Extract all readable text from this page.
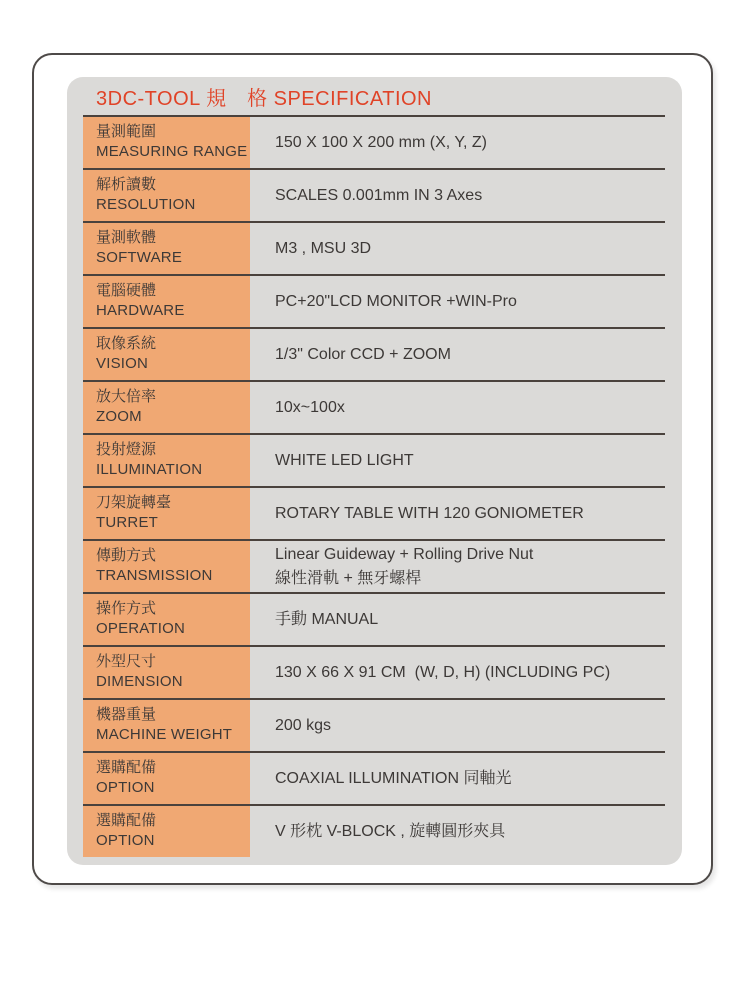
3DC-TOOL 規　格 SPECIFICATION
量測範圍
MEASURING RANGE
150 X 100 X 200 mm (X, Y, Z)
解析讀數
RESOLUTION
SCALES 0.001mm IN 3 Axes
量測軟體
SOFTWARE
M3 , MSU 3D
電腦硬體
HARDWARE
PC+20"LCD MONITOR +WIN-Pro
取像系統
VISION
1/3" Color CCD + ZOOM
放大倍率
ZOOM
10x~100x
投射燈源
ILLUMINATION
WHITE LED LIGHT
刀架旋轉臺
TURRET
ROTARY TABLE WITH 120 GONIOMETER
傳動方式
TRANSMISSION
Linear Guideway + Rolling Drive Nut
線性滑軌 + 無牙螺桿
操作方式
OPERATION
手動 MANUAL
外型尺寸
DIMENSION
130 X 66 X 91 CM  (W, D, H) (INCLUDING PC)
機器重量
MACHINE WEIGHT
200 kgs
選購配備
OPTION
COAXIAL ILLUMINATION 同軸光
選購配備
OPTION
V 形枕 V-BLOCK , 旋轉圓形夾具
